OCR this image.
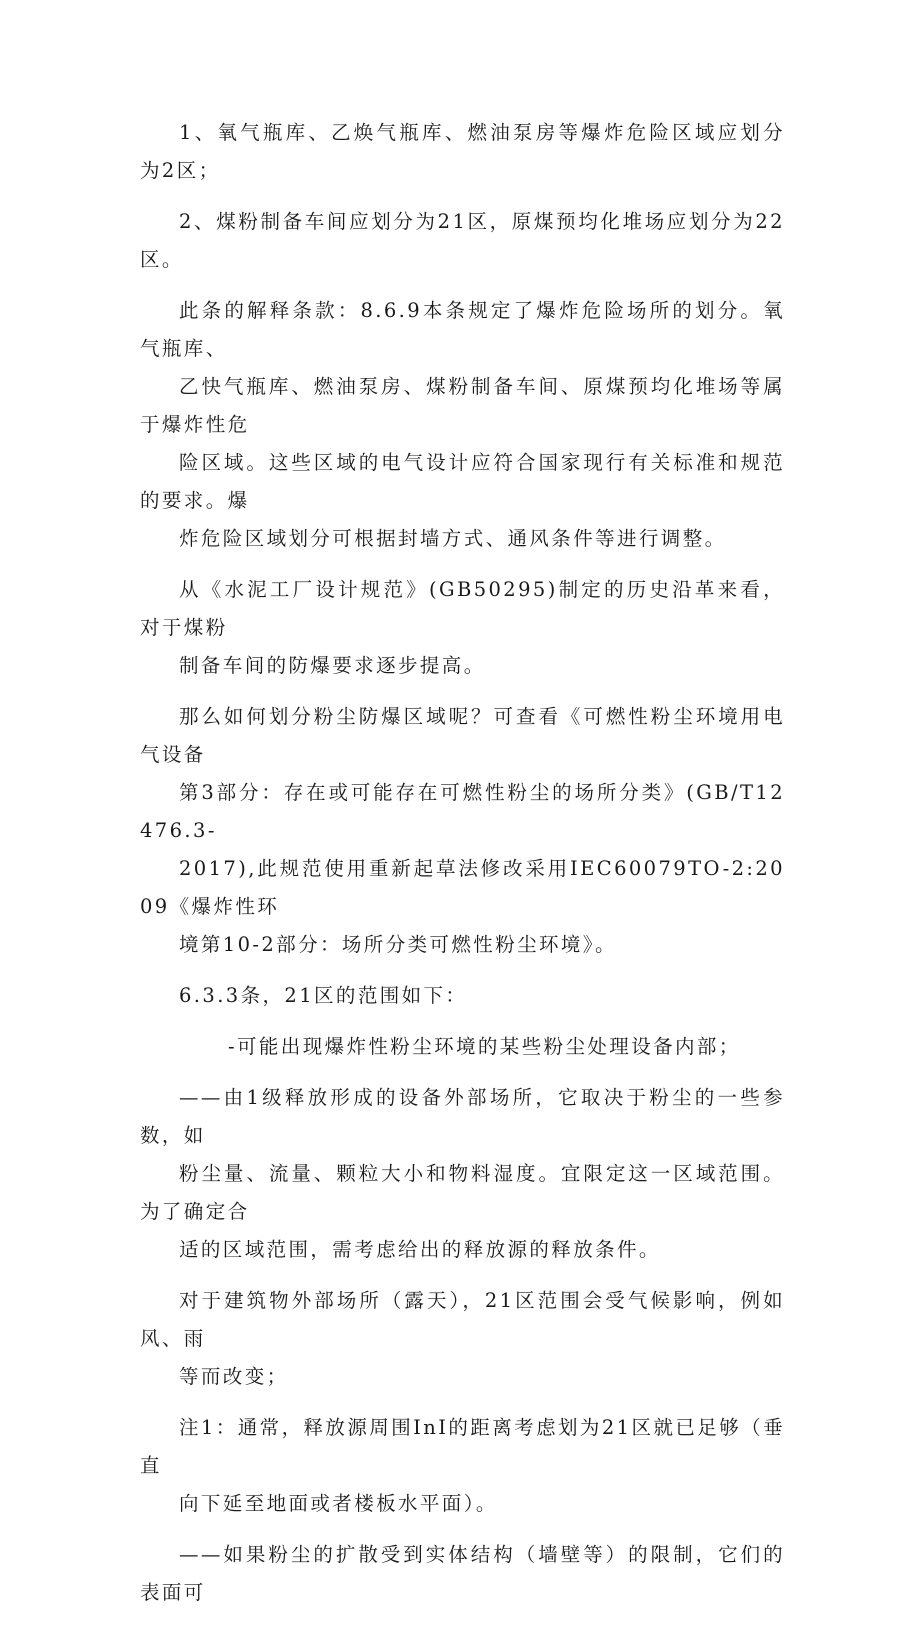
1、氧气瓶库、乙焕气瓶库、燃油泵房等爆炸危险区域应划分为2区；

2、煤粉制备车间应划分为21区，原煤预均化堆场应划分为22区。

此条的解释条款：8.6.9本条规定了爆炸危险场所的划分。氧气瓶库、
乙快气瓶库、燃油泵房、煤粉制备车间、原煤预均化堆场等属于爆炸性危
险区域。这些区域的电气设计应符合国家现行有关标准和规范的要求。爆
炸危险区域划分可根据封墙方式、通风条件等进行调整。

从《水泥工厂设计规范》(GB50295)制定的历史沿革来看，对于煤粉
制备车间的防爆要求逐步提高。

那么如何划分粉尘防爆区域呢？可查看《可燃性粉尘环境用电气设备
第3部分：存在或可能存在可燃性粉尘的场所分类》(GB/T12476.3-
2017),此规范使用重新起草法修改采用IEC60079TO-2:2009《爆炸性环
境第10-2部分：场所分类可燃性粉尘环境》。

6.3.3条，21区的范围如下：

-可能出现爆炸性粉尘环境的某些粉尘处理设备内部；

——由1级释放形成的设备外部场所，它取决于粉尘的一些参数，如
粉尘量、流量、颗粒大小和物料湿度。宜限定这一区域范围。为了确定合
适的区域范围，需考虑给出的释放源的释放条件。

对于建筑物外部场所（露天），21区范围会受气候影响，例如风、雨
等而改变；

注1：通常，释放源周围InI的距离考虑划为21区就已足够（垂直
向下延至地面或者楼板水平面）。

——如果粉尘的扩散受到实体结构（墙壁等）的限制，它们的表面可
